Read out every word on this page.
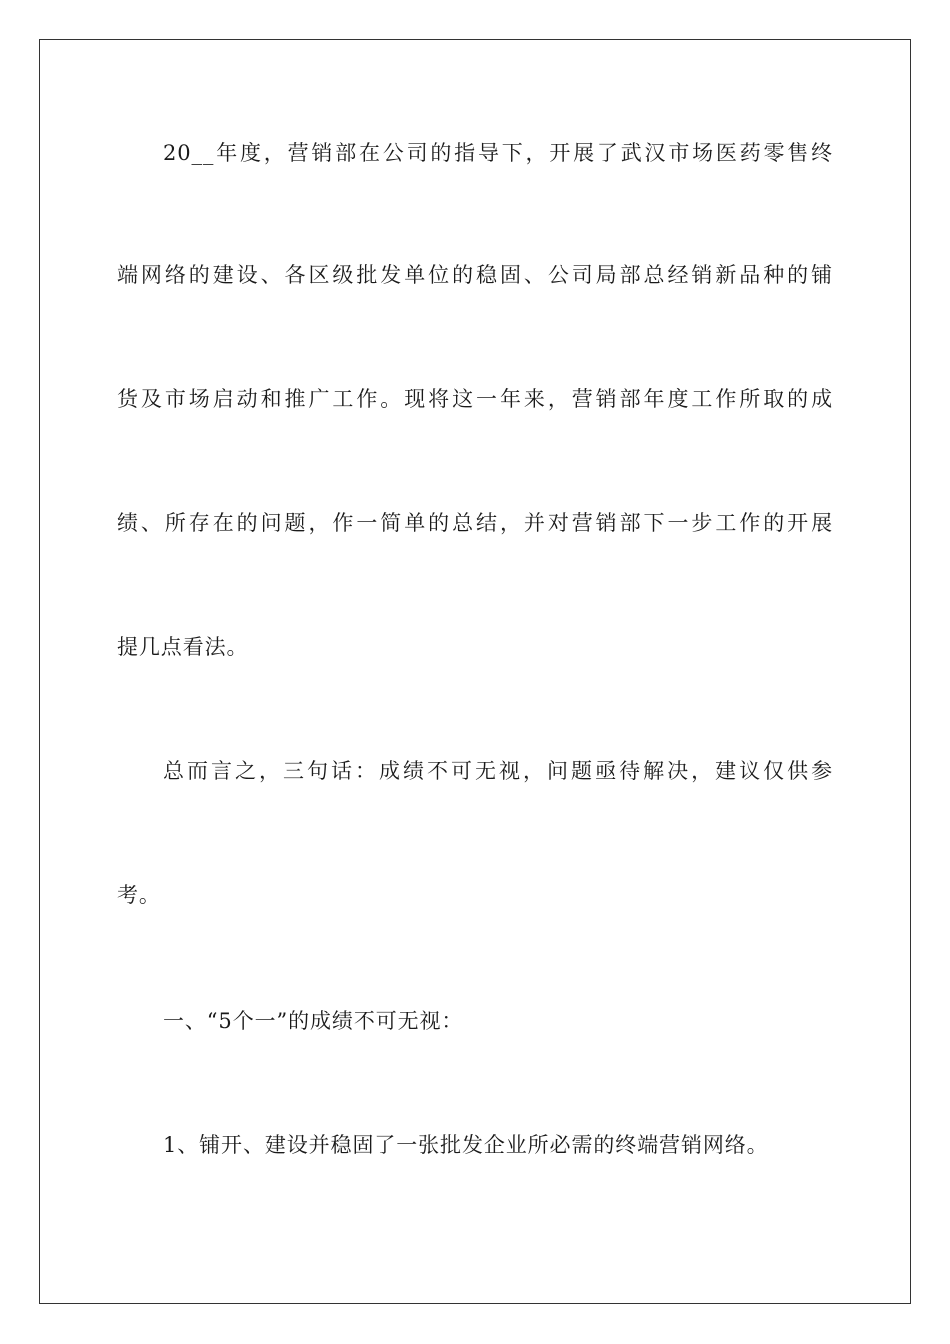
20__年度，营销部在公司的指导下，开展了武汉市场医药零售终
端网络的建设、各区级批发单位的稳固、公司局部总经销新品种的铺
货及市场启动和推广工作。现将这一年来，营销部年度工作所取的成
绩、所存在的问题，作一简单的总结，并对营销部下一步工作的开展
提几点看法。
总而言之，三句话：成绩不可无视，问题亟待解决，建议仅供参
考。
一、“5个一”的成绩不可无视：
1、铺开、建设并稳固了一张批发企业所必需的终端营销网络。
